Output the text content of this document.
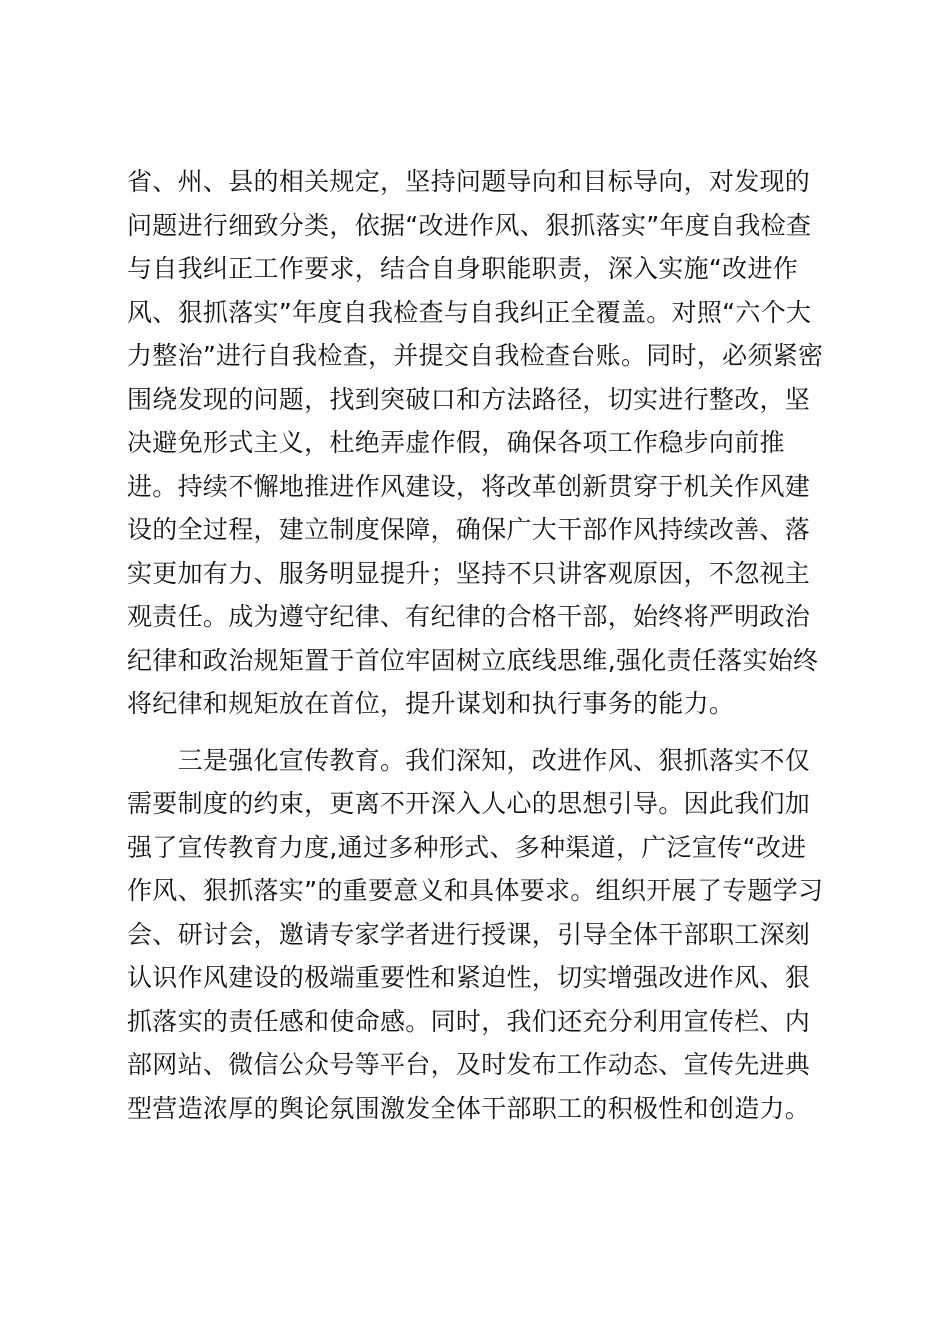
省、州、县的相关规定，坚持问题导向和目标导向，对发现的
问题进行细致分类，依据“改进作风、狠抓落实”年度自我检查
与自我纠正工作要求，结合自身职能职责，深入实施“改进作
风、狠抓落实”年度自我检查与自我纠正全覆盖。对照“六个大
力整治”进行自我检查，并提交自我检查台账。同时，必须紧密
围绕发现的问题，找到突破口和方法路径，切实进行整改，坚
决避免形式主义，杜绝弄虚作假，确保各项工作稳步向前推
进。持续不懈地推进作风建设，将改革创新贯穿于机关作风建
设的全过程，建立制度保障，确保广大干部作风持续改善、落
实更加有力、服务明显提升；坚持不只讲客观原因，不忽视主
观责任。成为遵守纪律、有纪律的合格干部，始终将严明政治
纪律和政治规矩置于首位牢固树立底线思维,强化责任落实始终
将纪律和规矩放在首位，提升谋划和执行事务的能力。
　　三是强化宣传教育。我们深知，改进作风、狠抓落实不仅
需要制度的约束，更离不开深入人心的思想引导。因此我们加
强了宣传教育力度,通过多种形式、多种渠道，广泛宣传“改进
作风、狠抓落实”的重要意义和具体要求。组织开展了专题学习
会、研讨会，邀请专家学者进行授课，引导全体干部职工深刻
认识作风建设的极端重要性和紧迫性，切实增强改进作风、狠
抓落实的责任感和使命感。同时，我们还充分利用宣传栏、内
部网站、微信公众号等平台，及时发布工作动态、宣传先进典
型营造浓厚的舆论氛围激发全体干部职工的积极性和创造力。
